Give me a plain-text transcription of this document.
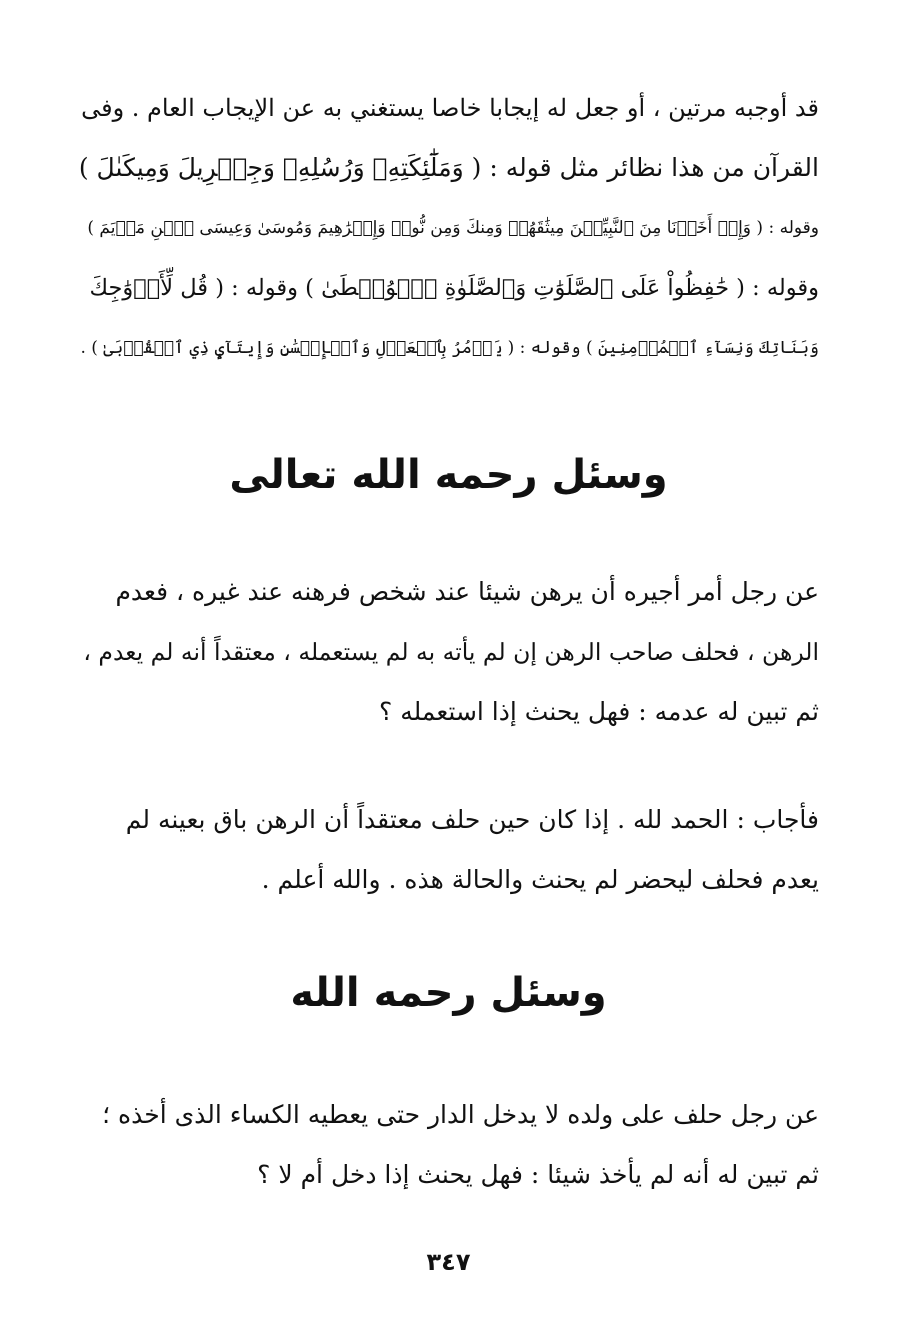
قد أوجبه مرتين ، أو جعل له إيجابا خاصا يستغني به عن الإيجاب العام . وفى
القرآن من هذا نظائر مثل قوله : ( وَمَلَٰٓئِكَتِهِۦ وَرُسُلِهِۦ وَجِبۡرِيلَ وَمِيكَىٰلَ )
وقوله : ( وَإِذۡ أَخَذۡنَا مِنَ ٱلنَّبِيِّـۧنَ مِيثَٰقَهُمۡ وَمِنكَ وَمِن نُّوحٖ وَإِبۡرَٰهِيمَ وَمُوسَىٰ وَعِيسَى ٱبۡنِ مَرۡيَمَ )
وقوله : ( حَٰفِظُواْ عَلَى ٱلصَّلَوَٰتِ وَٱلصَّلَوٰةِ ٱلۡوُسۡطَىٰ ) وقوله : ( قُل لِّأَزۡوَٰجِكَ
وَبَنَاتِكَ وَنِسَآءِ ٱلۡمُؤۡمِنِينَ ) وقوله : ( يَأۡمُرُ بِٱلۡعَدۡلِ وَٱلۡإِحۡسَٰنِ وَإِيتَآيِٕ ذِي ٱلۡقُرۡبَىٰ ) .
وسئل رحمه الله تعالى
عن رجل أمر أجيره أن يرهن شيئا عند شخص فرهنه عند غيره ، فعدم
الرهن ، فحلف صاحب الرهن إن لم يأته به لم يستعمله ، معتقداً أنه لم يعدم ،
ثم تبين له عدمه : فهل يحنث إذا استعمله ؟
فأجاب : الحمد لله . إذا كان حين حلف معتقداً أن الرهن باق بعينه لم
يعدم فحلف ليحضر لم يحنث والحالة هذه . والله أعلم .
وسئل رحمه الله
عن رجل حلف على ولده لا يدخل الدار حتى يعطيه الكساء الذى أخذه ؛
ثم تبين له أنه لم يأخذ شيئا : فهل يحنث إذا دخل أم لا ؟
٣٤٧
